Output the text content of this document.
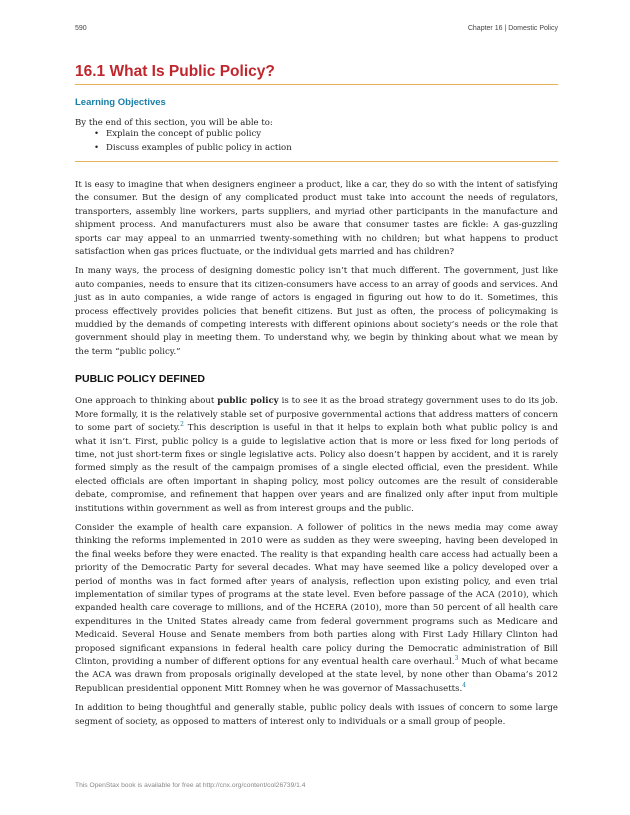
590	Chapter 16 | Domestic Policy
16.1 What Is Public Policy?
Learning Objectives
By the end of this section, you will be able to:
• Explain the concept of public policy
• Discuss examples of public policy in action

It is easy to imagine that when designers engineer a product, like a car, they do so with the intent of satisfying the consumer. But the design of any complicated product must take into account the needs of regulators, transporters, assembly line workers, parts suppliers, and myriad other participants in the manufacture and shipment process. And manufacturers must also be aware that consumer tastes are fickle: A gas-guzzling sports car may appeal to an unmarried twenty-something with no children; but what happens to product satisfaction when gas prices fluctuate, or the individual gets married and has children?

In many ways, the process of designing domestic policy isn’t that much different. The government, just like auto companies, needs to ensure that its citizen-consumers have access to an array of goods and services. And just as in auto companies, a wide range of actors is engaged in figuring out how to do it. Sometimes, this process effectively provides policies that benefit citizens. But just as often, the process of policymaking is muddied by the demands of competing interests with different opinions about society’s needs or the role that government should play in meeting them. To understand why, we begin by thinking about what we mean by the term “public policy.”

PUBLIC POLICY DEFINED

One approach to thinking about public policy is to see it as the broad strategy government uses to do its job. More formally, it is the relatively stable set of purposive governmental actions that address matters of concern to some part of society.$^2$ This description is useful in that it helps to explain both what public policy is and what it isn’t. First, public policy is a guide to legislative action that is more or less fixed for long periods of time, not just short-term fixes or single legislative acts. Policy also doesn’t happen by accident, and it is rarely formed simply as the result of the campaign promises of a single elected official, even the president. While elected officials are often important in shaping policy, most policy outcomes are the result of considerable debate, compromise, and refinement that happen over years and are finalized only after input from multiple institutions within government as well as from interest groups and the public.

Consider the example of health care expansion. A follower of politics in the news media may come away thinking the reforms implemented in 2010 were as sudden as they were sweeping, having been developed in the final weeks before they were enacted. The reality is that expanding health care access had actually been a priority of the Democratic Party for several decades. What may have seemed like a policy developed over a period of months was in fact formed after years of analysis, reflection upon existing policy, and even trial implementation of similar types of programs at the state level. Even before passage of the ACA (2010), which expanded health care coverage to millions, and of the HCERA (2010), more than 50 percent of all health care expenditures in the United States already came from federal government programs such as Medicare and Medicaid. Several House and Senate members from both parties along with First Lady Hillary Clinton had proposed significant expansions in federal health care policy during the Democratic administration of Bill Clinton, providing a number of different options for any eventual health care overhaul.$^3$ Much of what became the ACA was drawn from proposals originally developed at the state level, by none other than Obama’s 2012 Republican presidential opponent Mitt Romney when he was governor of Massachusetts.$^4$

In addition to being thoughtful and generally stable, public policy deals with issues of concern to some large segment of society, as opposed to matters of interest only to individuals or a small group of people.

This OpenStax book is available for free at http://cnx.org/content/col26739/1.4
